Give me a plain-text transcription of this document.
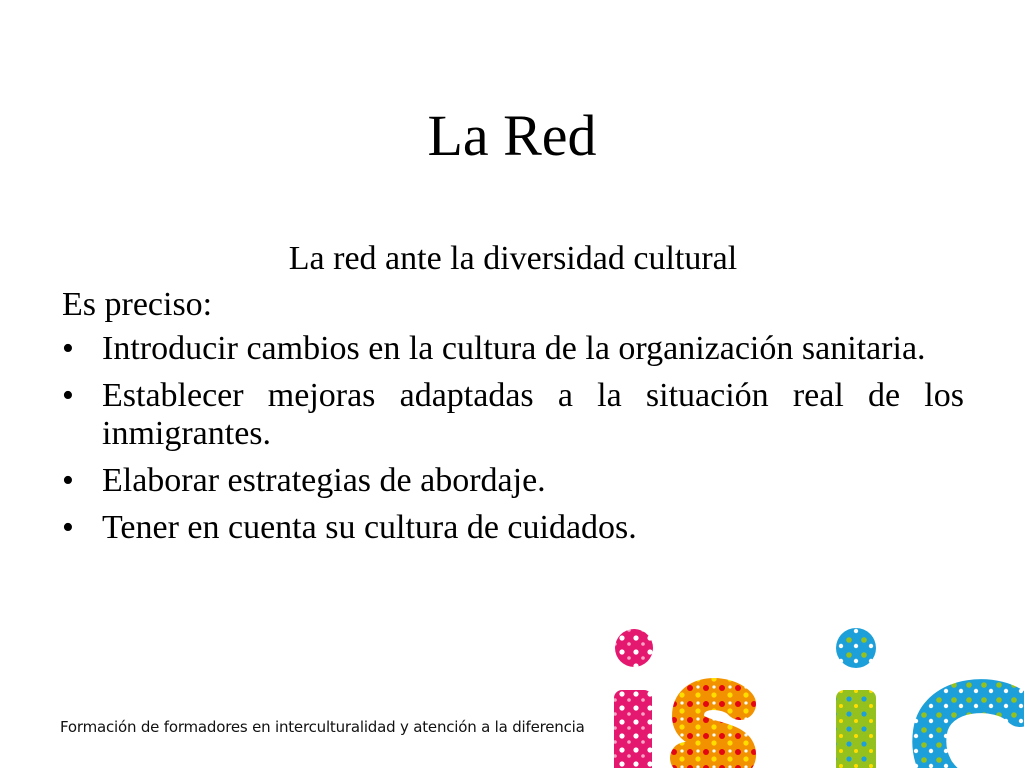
La Red

La red ante la diversidad cultural

Es preciso:

• Introducir cambios en la cultura de la organización sanitaria.
• Establecer mejoras adaptadas a la situación real de los inmigrantes.
• Elaborar estrategias de abordaje.
• Tener en cuenta su cultura de cuidados.
Formación de formadores en interculturalidad y atención a la diferencia
